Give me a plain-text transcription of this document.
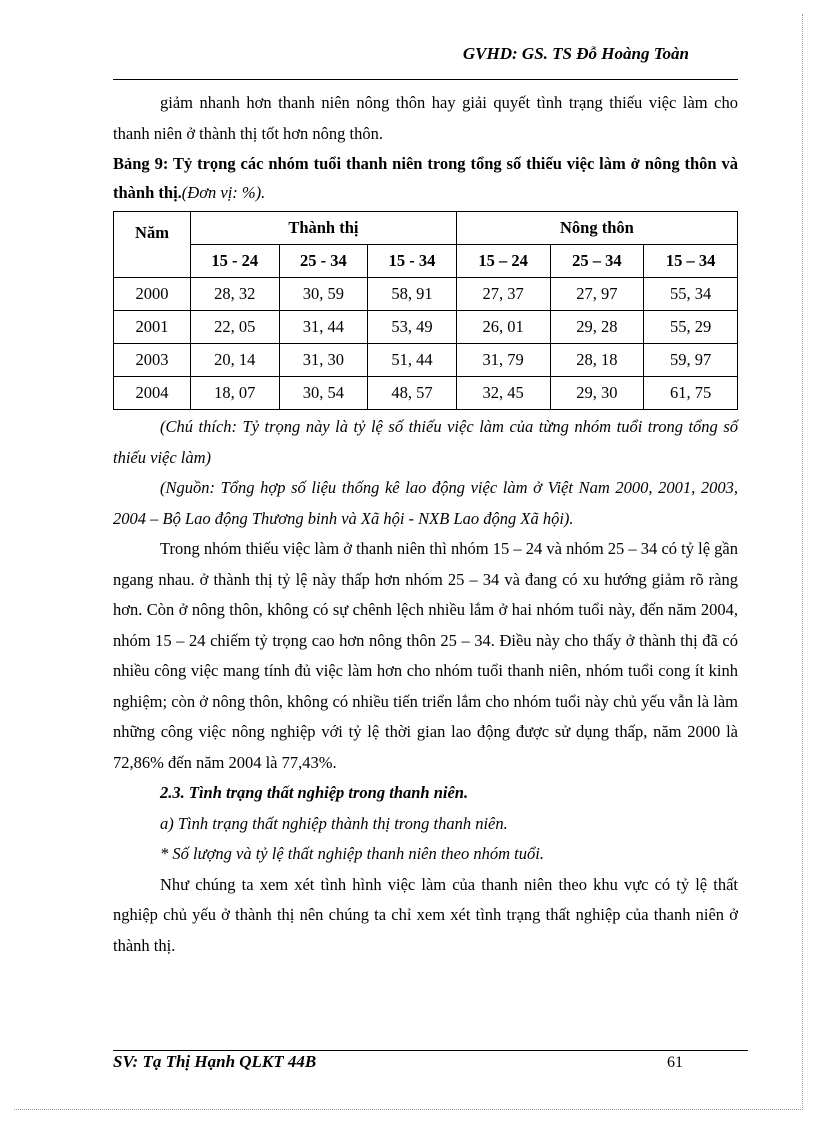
GVHD: GS. TS Đỗ Hoàng Toàn

giảm nhanh hơn thanh niên nông thôn hay giải quyết tình trạng thiếu việc làm cho thanh niên ở thành thị tốt hơn nông thôn.

Bảng 9: Tỷ trọng các nhóm tuổi thanh niên trong tổng số thiếu việc làm ở nông thôn và thành thị.(Đơn vị: %).

Năm	Thành thị			Nông thôn		
	15 - 24	25 - 34	15 - 34	15 – 24	25 – 34	15 – 34
2000	28, 32	30, 59	58, 91	27, 37	27, 97	55, 34
2001	22, 05	31, 44	53, 49	26, 01	29, 28	55, 29
2003	20, 14	31, 30	51, 44	31, 79	28, 18	59, 97
2004	18, 07	30, 54	48, 57	32, 45	29, 30	61, 75

(Chú thích: Tỷ trọng này là tỷ lệ số thiếu việc làm của từng nhóm tuổi trong tổng số thiếu việc làm)

(Nguồn: Tổng hợp số liệu thống kê lao động việc làm ở Việt Nam 2000, 2001, 2003, 2004 – Bộ Lao động Thương binh và Xã hội - NXB Lao động Xã hội).

Trong nhóm thiếu việc làm ở thanh niên thì nhóm 15 – 24 và nhóm 25 – 34 có tỷ lệ gần ngang nhau. ở thành thị tỷ lệ này thấp hơn nhóm 25 – 34 và đang có xu hướng giảm rõ ràng hơn. Còn ở nông thôn, không có sự chênh lệch nhiều lắm ở hai nhóm tuổi này, đến năm 2004, nhóm 15 – 24 chiếm tỷ trọng cao hơn nông thôn 25 – 34. Điều này cho thấy ở thành thị đã có nhiều công việc mang tính đủ việc làm hơn cho nhóm tuổi thanh niên, nhóm tuổi cong ít kinh nghiệm; còn ở nông thôn, không có nhiều tiến triển lắm cho nhóm tuổi này chủ yếu vẫn là làm những công việc nông nghiệp với tỷ lệ thời gian lao động được sử dụng thấp, năm 2000 là 72,86% đến năm 2004 là 77,43%.

2.3. Tình trạng thất nghiệp trong thanh niên.

a) Tình trạng thất nghiệp thành thị trong thanh niên.

* Số lượng và tỷ lệ thất nghiệp thanh niên theo nhóm tuổi.

Như chúng ta xem xét tình hình việc làm của thanh niên theo khu vực có tỷ lệ thất nghiệp chủ yếu ở thành thị nên chúng ta chỉ xem xét tình trạng thất nghiệp của thanh niên ở thành thị.

SV: Tạ Thị Hạnh QLKT 44B	61
